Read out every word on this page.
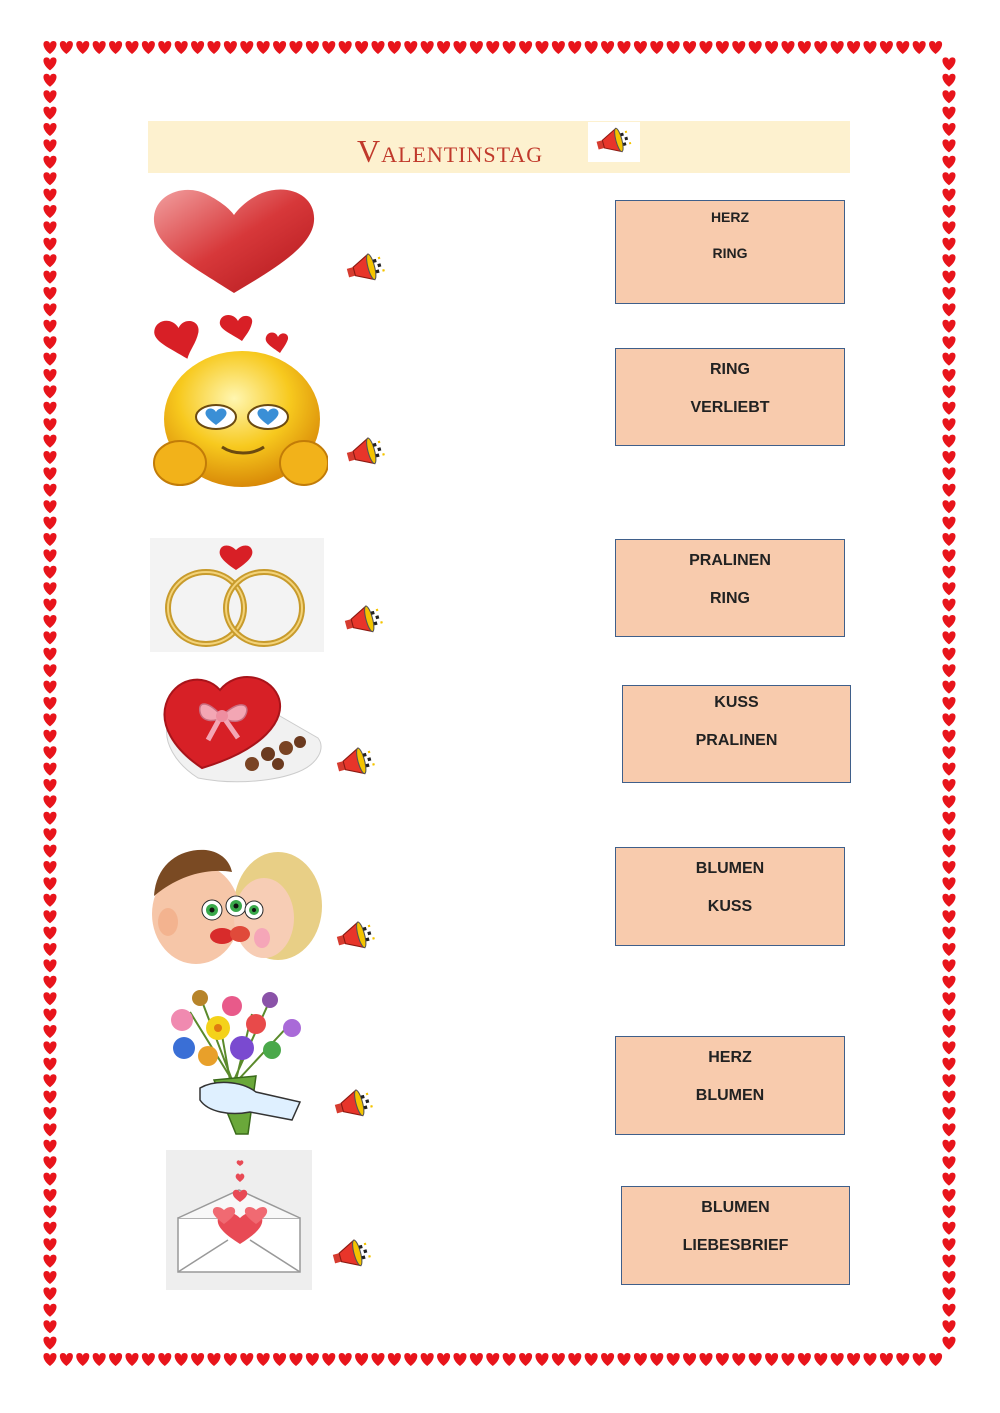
Valentinstag
HERZ
RING
RING
VERLIEBT
PRALINEN
RING
KUSS
PRALINEN
BLUMEN
KUSS
HERZ
BLUMEN
BLUMEN
LIEBESBRIEF
